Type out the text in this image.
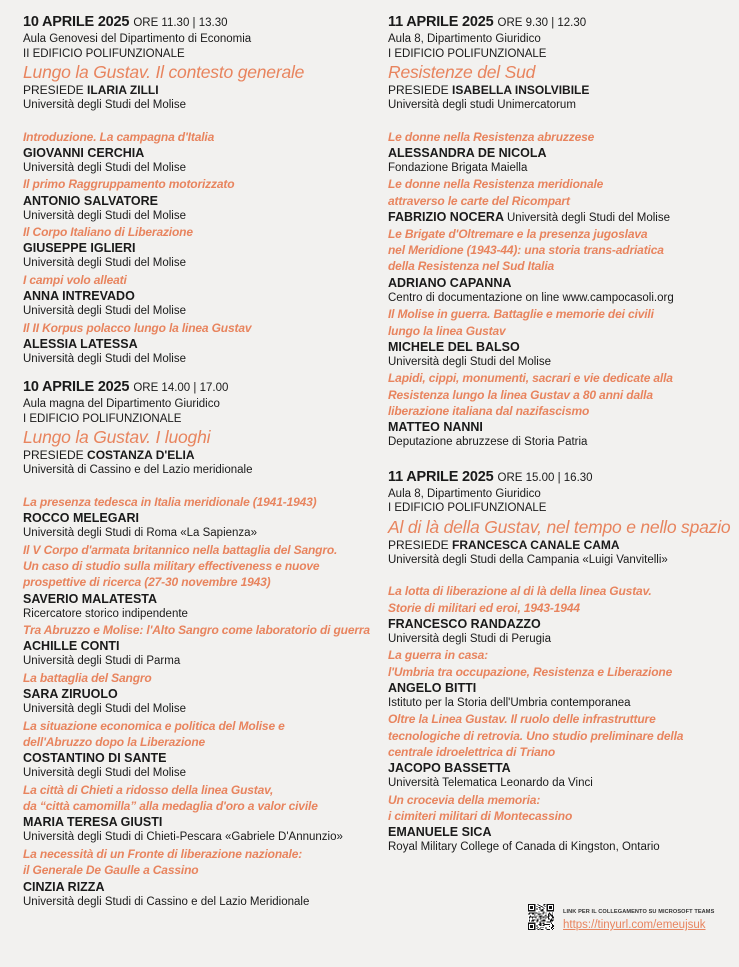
10 APRILE 2025 ORE 11.30 | 13.30
Aula Genovesi del Dipartimento di Economia
II EDIFICIO POLIFUNZIONALE
Lungo la Gustav. Il contesto generale
PRESIEDE ILARIA ZILLI
Università degli Studi del Molise
Introduzione. La campagna d'Italia
GIOVANNI CERCHIA
Università degli Studi del Molise
Il primo Raggruppamento motorizzato
ANTONIO SALVATORE
Università degli Studi del Molise
Il Corpo Italiano di Liberazione
GIUSEPPE IGLIERI
Università degli Studi del Molise
I campi volo alleati
ANNA INTREVADO
Università degli Studi del Molise
Il II Korpus polacco lungo la linea Gustav
ALESSIA LATESSA
Università degli Studi del Molise
10 APRILE 2025 ORE 14.00 | 17.00
Aula magna del Dipartimento Giuridico
I EDIFICIO POLIFUNZIONALE
Lungo la Gustav. I luoghi
PRESIEDE COSTANZA D'ELIA
Università di Cassino e del Lazio meridionale
La presenza tedesca in Italia meridionale (1941-1943)
ROCCO MELEGARI
Università degli Studi di Roma «La Sapienza»
Il V Corpo d'armata britannico nella battaglia del Sangro.
Un caso di studio sulla military effectiveness e nuove
prospettive di ricerca (27-30 novembre 1943)
SAVERIO MALATESTA
Ricercatore storico indipendente
Tra Abruzzo e Molise: l'Alto Sangro come laboratorio di guerra
ACHILLE CONTI
Università degli Studi di Parma
La battaglia del Sangro
SARA ZIRUOLO
Università degli Studi del Molise
La situazione economica e politica del Molise e
dell'Abruzzo dopo la Liberazione
COSTANTINO DI SANTE
Università degli Studi del Molise
La città di Chieti a ridosso della linea Gustav,
da “città camomilla” alla medaglia d'oro a valor civile
MARIA TERESA GIUSTI
Università degli Studi di Chieti-Pescara «Gabriele D'Annunzio»
La necessità di un Fronte di liberazione nazionale:
il Generale De Gaulle a Cassino
CINZIA RIZZA
Università degli Studi di Cassino e del Lazio Meridionale
11 APRILE 2025 ORE 9.30 | 12.30
Aula 8, Dipartimento Giuridico
I EDIFICIO POLIFUNZIONALE
Resistenze del Sud
PRESIEDE ISABELLA INSOLVIBILE
Università degli studi Unimercatorum
Le donne nella Resistenza abruzzese
ALESSANDRA DE NICOLA
Fondazione Brigata Maiella
Le donne nella Resistenza meridionale
attraverso le carte del Ricompart
FABRIZIO NOCERA Università degli Studi del Molise
Le Brigate d'Oltremare e la presenza jugoslava
nel Meridione (1943-44): una storia trans-adriatica
della Resistenza nel Sud Italia
ADRIANO CAPANNA
Centro di documentazione on line www.campocasoli.org
Il Molise in guerra. Battaglie e memorie dei civili
lungo la linea Gustav
MICHELE DEL BALSO
Università degli Studi del Molise
Lapidi, cippi, monumenti, sacrari e vie dedicate alla
Resistenza lungo la linea Gustav a 80 anni dalla
liberazione italiana dal nazifascismo
MATTEO NANNI
Deputazione abruzzese di Storia Patria
11 APRILE 2025 ORE 15.00 | 16.30
Aula 8, Dipartimento Giuridico
I EDIFICIO POLIFUNZIONALE
Al di là della Gustav, nel tempo e nello spazio
PRESIEDE FRANCESCA CANALE CAMA
Università degli Studi della Campania «Luigi Vanvitelli»
La lotta di liberazione al di là della linea Gustav.
Storie di militari ed eroi, 1943-1944
FRANCESCO RANDAZZO
Università degli Studi di Perugia
La guerra in casa:
l'Umbria tra occupazione, Resistenza e Liberazione
ANGELO BITTI
Istituto per la Storia dell'Umbria contemporanea
Oltre la Linea Gustav. Il ruolo delle infrastrutture
tecnologiche di retrovia. Uno studio preliminare della
centrale idroelettrica di Triano
JACOPO BASSETTA
Università Telematica Leonardo da Vinci
Un crocevia della memoria:
i cimiteri militari di Montecassino
EMANUELE SICA
Royal Military College of Canada di Kingston, Ontario
LINK PER IL COLLEGAMENTO SU MICROSOFT TEAMS
https://tinyurl.com/emeujsuk
